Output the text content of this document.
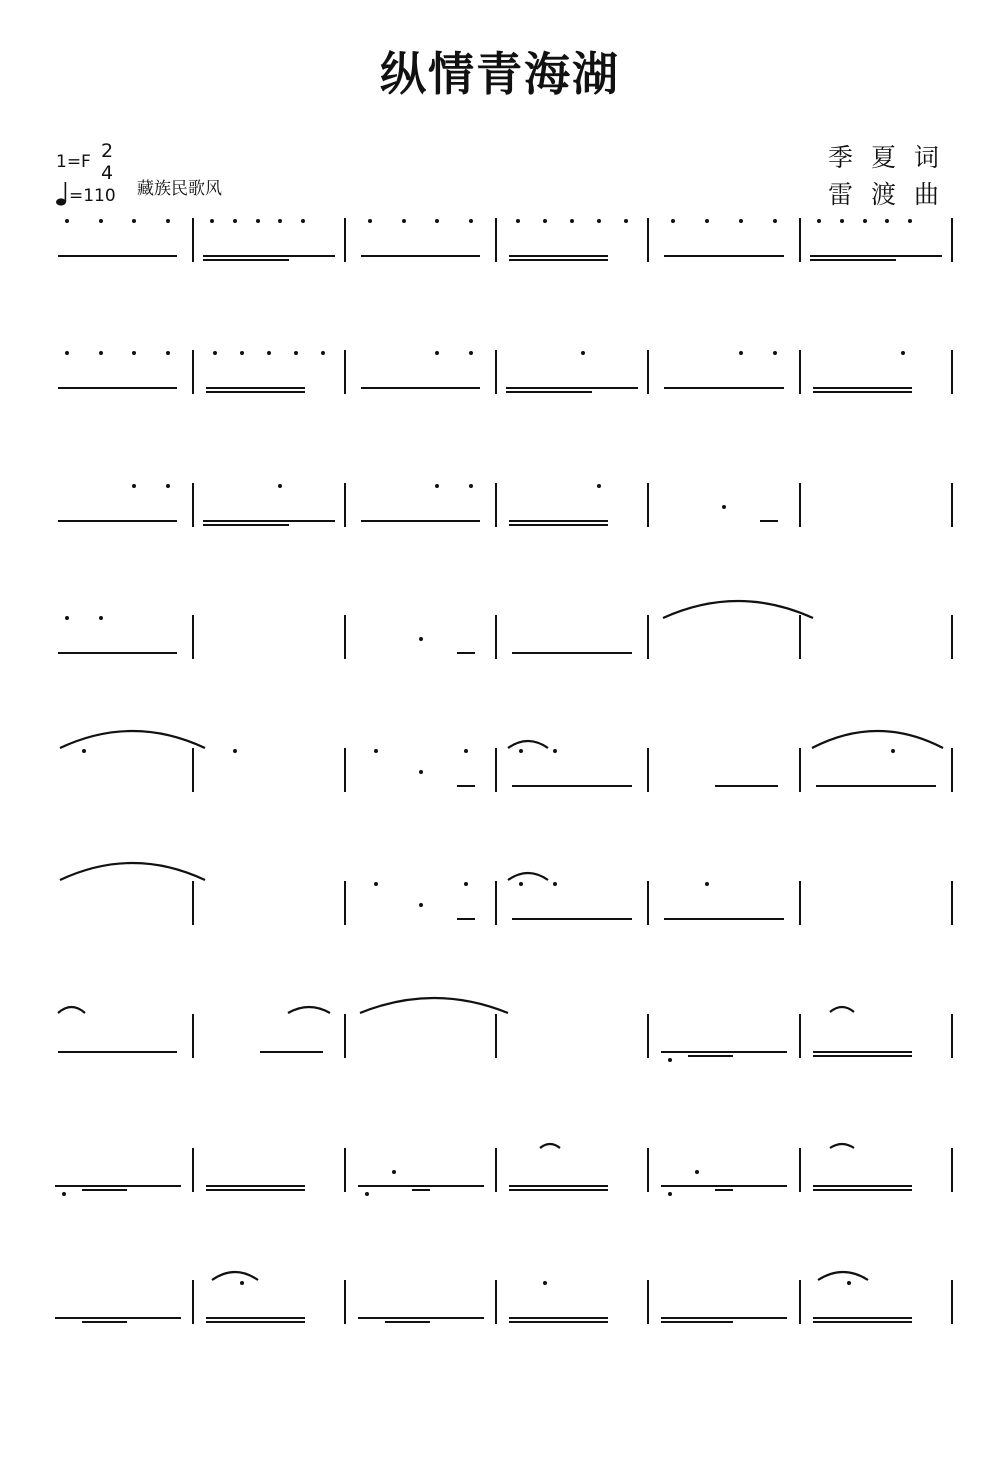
纵情青海湖
季夏词
雷渡曲
1=F 2
4
藏族民歌风
=110
